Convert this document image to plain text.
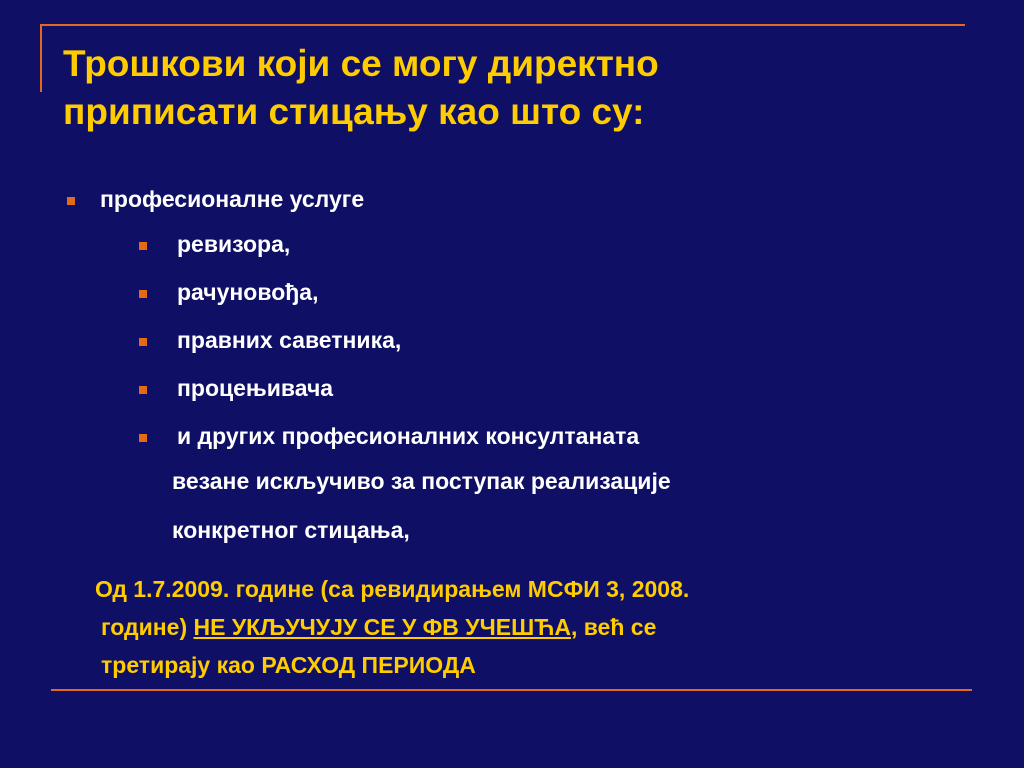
Трошкови који се могу директно
приписати стицању као што су:
професионалне услуге
ревизора,
рачуновођа,
правних саветника,
процењивача
и других професионалних консултаната
везане искључиво за поступак реализације
конкретног стицања,
Од 1.7.2009. године (са ревидирањем МСФИ 3, 2008.
године) НЕ УКЉУЧУЈУ СЕ У ФВ УЧЕШЋА, већ се
третирају као РАСХОД ПЕРИОДА
